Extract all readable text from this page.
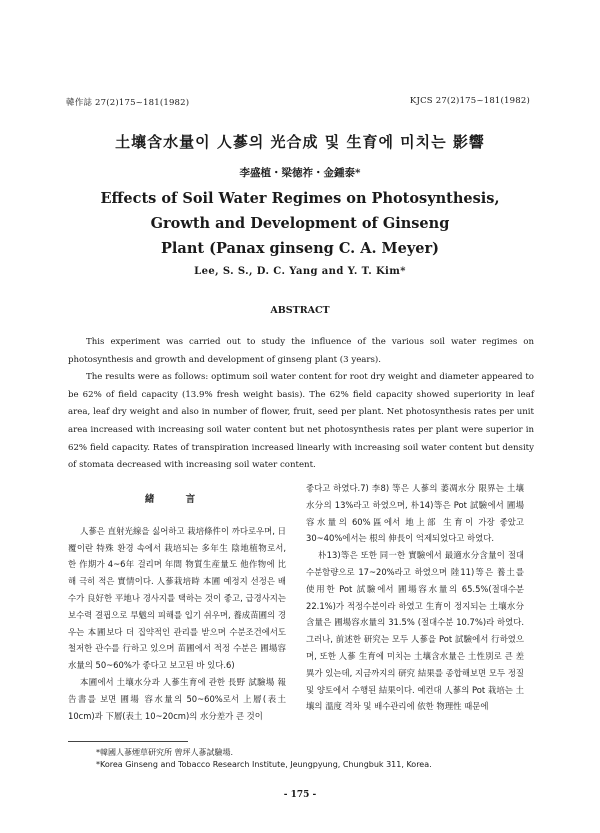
韓作誌 27(2)175~181(1982)	KJCS 27(2)175~181(1982)
土壤含水量이 人蔘의 光合成 및 生育에 미치는 影響
李盛植・梁徳祚・金鍾泰*
Effects of Soil Water Regimes on Photosynthesis,
Growth and Development of Ginseng
Plant (Panax ginseng C. A. Meyer)
Lee, S. S., D. C. Yang and Y. T. Kim*
ABSTRACT

This experiment was carried out to study the influence of the various soil water regimes on photosynthesis and growth and development of ginseng plant (3 years).

The results were as follows: optimum soil water content for root dry weight and diameter appeared to be 62% of field capacity (13.9% fresh weight basis). The 62% field capacity showed superiority in leaf area, leaf dry weight and also in number of flower, fruit, seed per plant. Net photosynthesis rates per unit area increased with increasing soil water content but net photosynthesis rates per plant were superior in 62% field capacity. Rates of transpiration increased linearly with increasing soil water content but density of stomata decreased with increasing soil water content.

緒 言

人蔘은 直射光線을 싫어하고 栽培條件이 까다로우며, 日覆이란 特殊 환경 속에서 栽培되는 多年生 陰地植物로서, 한 作期가 4~6年 걸리며 年間 物質生産量도 他作物에 比해 극히 적은 實情이다. 人蔘栽培時 本圃 예정지 선정은 배수가 良好한 平地나 경사지를 택하는 것이 좋고, 급경사지는 보수력 결핍으로 旱魃의 피해를 입기 쉬우며, 養成苗圃의 경우는 本圃보다 더 집약적인 관리를 받으며 수분조건에서도 철저한 관수를 行하고 있으며 苗圃에서 적정 수분은 圃場容水量의 50~60%가 좋다고 보고된 바 있다.6)

本圃에서 土壤水分과 人蔘生育에 관한 長野 試驗場 報告書를 보면 圃場 容水量의 50~60%로서 上層(表土 10cm)과 下層(表土 10~20cm)의 水分差가 큰 것이

좋다고 하였다.7) 李8) 等은 人蔘의 萎凋水分 限界는 土壤水分의 13%라고 하였으며, 朴14)等은 Pot 試驗에서 圃場容水量의 60%區에서 地上部 生育이 가장 좋았고 30~40%에서는 根의 伸長이 억제되었다고 하였다.

朴13)等은 또한 同一한 實驗에서 最適水分含量이 절대수분함량으로 17~20%라고 하였으며 陸11)等은 養土를 使用한 Pot 試驗에서 圃場容水量의 65.5%(절대수분 22.1%)가 적정수분이라 하였고 生育이 정지되는 土壤水分 含量은 圃場容水量의 31.5% (절대수분 10.7%)라 하였다. 그러나, 前述한 研究는 모두 人蔘을 Pot 試驗에서 行하였으며, 또한 人蔘 生育에 미치는 土壤含水量은 土性別로 큰 差異가 있는데, 지금까지의 研究 結果를 종합해보면 모두 정질 및 양토에서 수행된 結果이다. 예컨대 人蔘의 Pot 栽培는 土壤의 溫度 격차 및 배수관리에 依한 物理性 때문에

*韓國人蔘煙草研究所 曾坪人蔘試驗場.
*Korea Ginseng and Tobacco Research Institute, Jeungpyung, Chungbuk 311, Korea.
- 175 -
